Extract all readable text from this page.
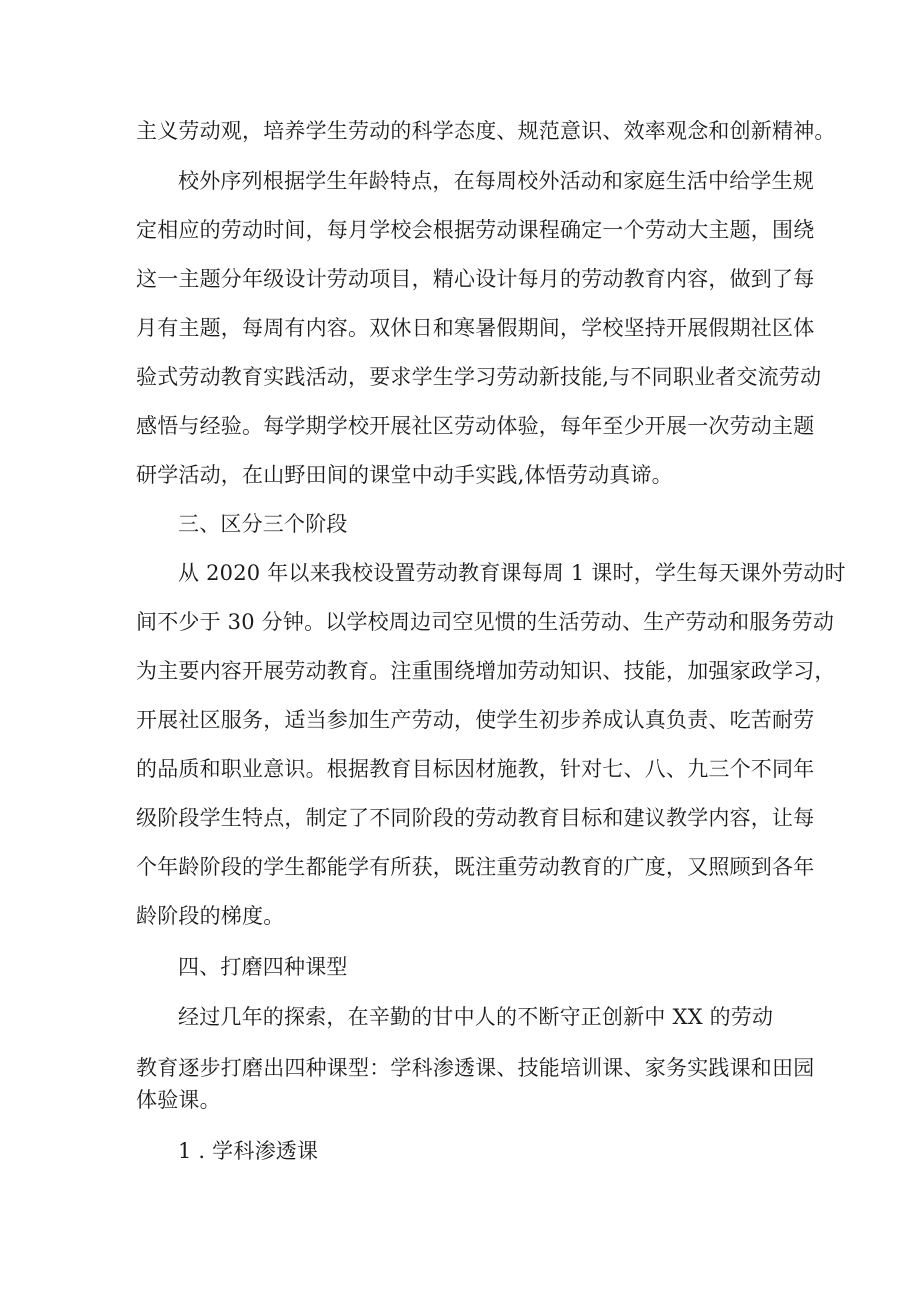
主义劳动观，培养学生劳动的科学态度、规范意识、效率观念和创新精神。
校外序列根据学生年龄特点，在每周校外活动和家庭生活中给学生规
定相应的劳动时间，每月学校会根据劳动课程确定一个劳动大主题，围绕
这一主题分年级设计劳动项目，精心设计每月的劳动教育内容，做到了每
月有主题，每周有内容。双休日和寒暑假期间，学校坚持开展假期社区体
验式劳动教育实践活动，要求学生学习劳动新技能,与不同职业者交流劳动
感悟与经验。每学期学校开展社区劳动体验，每年至少开展一次劳动主题
研学活动，在山野田间的课堂中动手实践,体悟劳动真谛。
三、区分三个阶段
从 2020 年以来我校设置劳动教育课每周 1 课时，学生每天课外劳动时
间不少于 30 分钟。以学校周边司空见惯的生活劳动、生产劳动和服务劳动
为主要内容开展劳动教育。注重围绕增加劳动知识、技能，加强家政学习，
开展社区服务，适当参加生产劳动，使学生初步养成认真负责、吃苦耐劳
的品质和职业意识。根据教育目标因材施教，针对七、八、九三个不同年
级阶段学生特点，制定了不同阶段的劳动教育目标和建议教学内容，让每
个年龄阶段的学生都能学有所获，既注重劳动教育的广度，又照顾到各年
龄阶段的梯度。
四、打磨四种课型
经过几年的探索，在辛勤的甘中人的不断守正创新中 XX 的劳动
教育逐步打磨出四种课型：学科渗透课、技能培训课、家务实践课和田园
体验课。
1 . 学科渗透课
